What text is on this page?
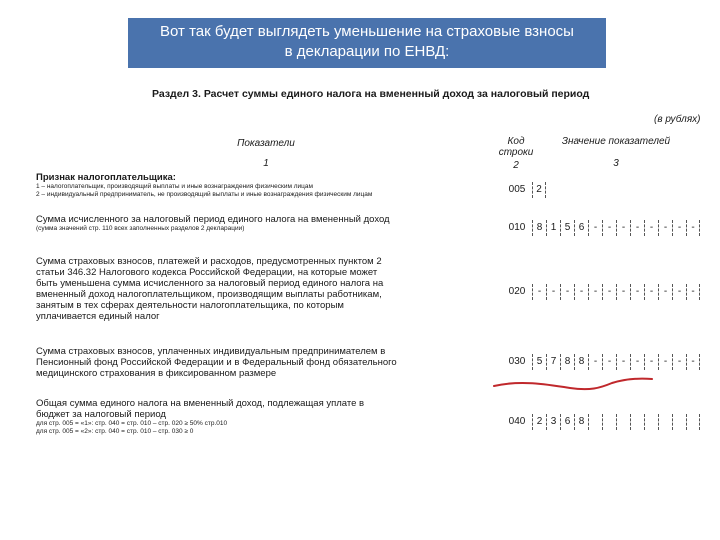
Вот так будет выглядеть уменьшение на страховые взносы
в декларации по ЕНВД:
Раздел 3. Расчет суммы единого налога на вмененный доход за налоговый период
(в рублях)
Показатели
1
Код строки
2
Значение показателей
3
Признак налогоплательщика:
1 – налогоплательщик, производящий выплаты и иные вознаграждения физическим лицам
2 – индивидуальный предприниматель, не производящий выплаты и иные вознаграждения физическим лицам	005	2
Сумма исчисленного за налоговый период единого налога на вмененный доход
(сумма значений стр. 110 всех заполненных разделов 2 декларации)	010	8 1 5 6 -	-	-	-	-	-	-	-
Сумма страховых взносов, платежей и расходов, предусмотренных пунктом 2 статьи 346.32 Налогового кодекса Российской Федерации, на которые может быть уменьшена сумма исчисленного за налоговый период единого налога на вмененный доход налогоплательщиком, производящим выплаты работникам, занятым в тех сферах деятельности налогоплательщика, по которым уплачивается единый налог
020	-	-	-	-	-	-	-	-	-	-	-	-
Сумма страховых взносов, уплаченных индивидуальным предпринимателем в Пенсионный фонд Российской Федерации и в Федеральный фонд обязательного медицинского страхования в фиксированном размере
030	5 7 8 8 -	-	-	-	-	-	-	-
Общая сумма единого налога на вмененный доход, подлежащая уплате в бюджет за налоговый период
для стр. 005 = «1»: стр. 040 = стр. 010 – стр. 020 ≥ 50% стр.010
для стр. 005 = «2»: стр. 040 = стр. 010 – стр. 030 ≥ 0
040	2 3 6 8
